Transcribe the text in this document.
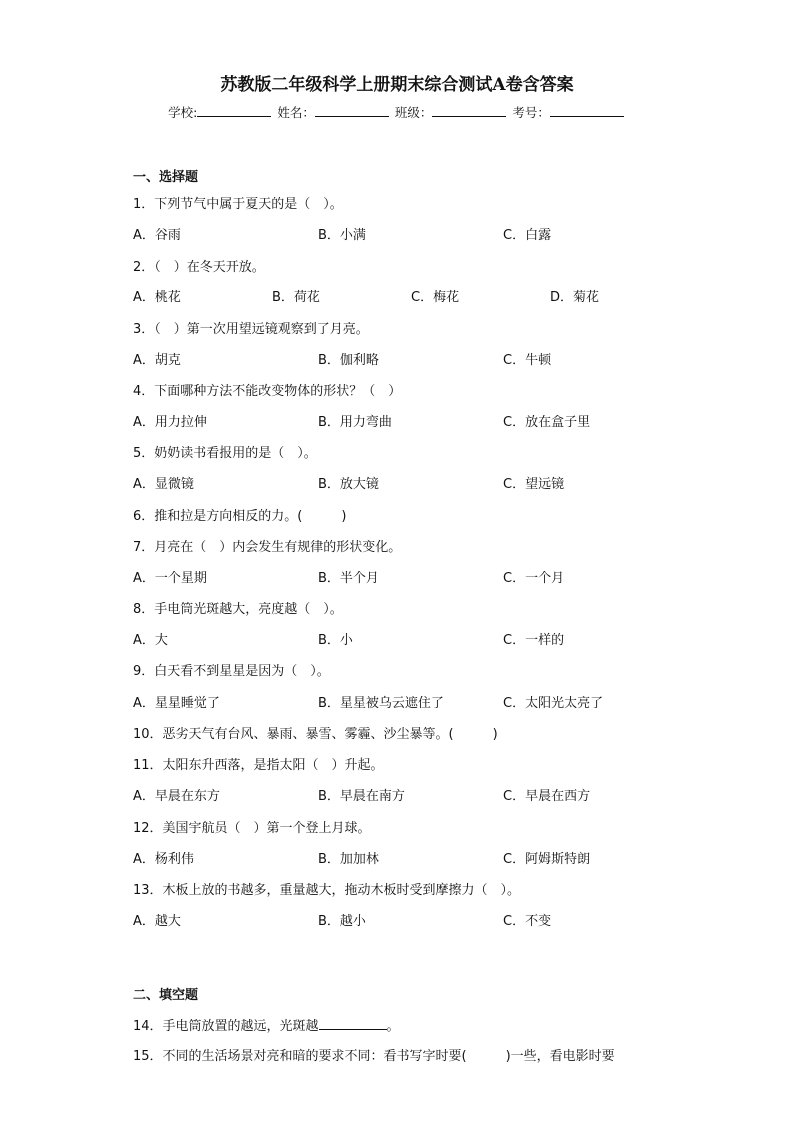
苏教版二年级科学上册期末综合测试A卷含答案
学校:	姓名：	班级：	考号：
一、选择题
1．下列节气中属于夏天的是（　）。
A．谷雨	B．小满	C．白露
2．（　）在冬天开放。
A．桃花	B．荷花	C．梅花	D．菊花
3．（　）第一次用望远镜观察到了月亮。
A．胡克	B．伽利略	C．牛顿
4．下面哪种方法不能改变物体的形状？（　）
A．用力拉伸	B．用力弯曲	C．放在盒子里
5．奶奶读书看报用的是（　）。
A．显微镜	B．放大镜	C．望远镜
6．推和拉是方向相反的力。(　　　)
7．月亮在（　）内会发生有规律的形状变化。
A．一个星期	B．半个月	C．一个月
8．手电筒光斑越大，亮度越（　）。
A．大	B．小	C．一样的
9．白天看不到星星是因为（　）。
A．星星睡觉了	B．星星被乌云遮住了	C．太阳光太亮了
10．恶劣天气有台风、暴雨、暴雪、雾霾、沙尘暴等。(　　　)
11．太阳东升西落，是指太阳（　）升起。
A．早晨在东方	B．早晨在南方	C．早晨在西方
12．美国宇航员（　）第一个登上月球。
A．杨利伟	B．加加林	C．阿姆斯特朗
13．木板上放的书越多，重量越大，拖动木板时受到摩擦力（　）。
A．越大	B．越小	C．不变
二、填空题
14．手电筒放置的越远，光斑越	。
15．不同的生活场景对亮和暗的要求不同：看书写字时要(　　　)一些，看电影时要
